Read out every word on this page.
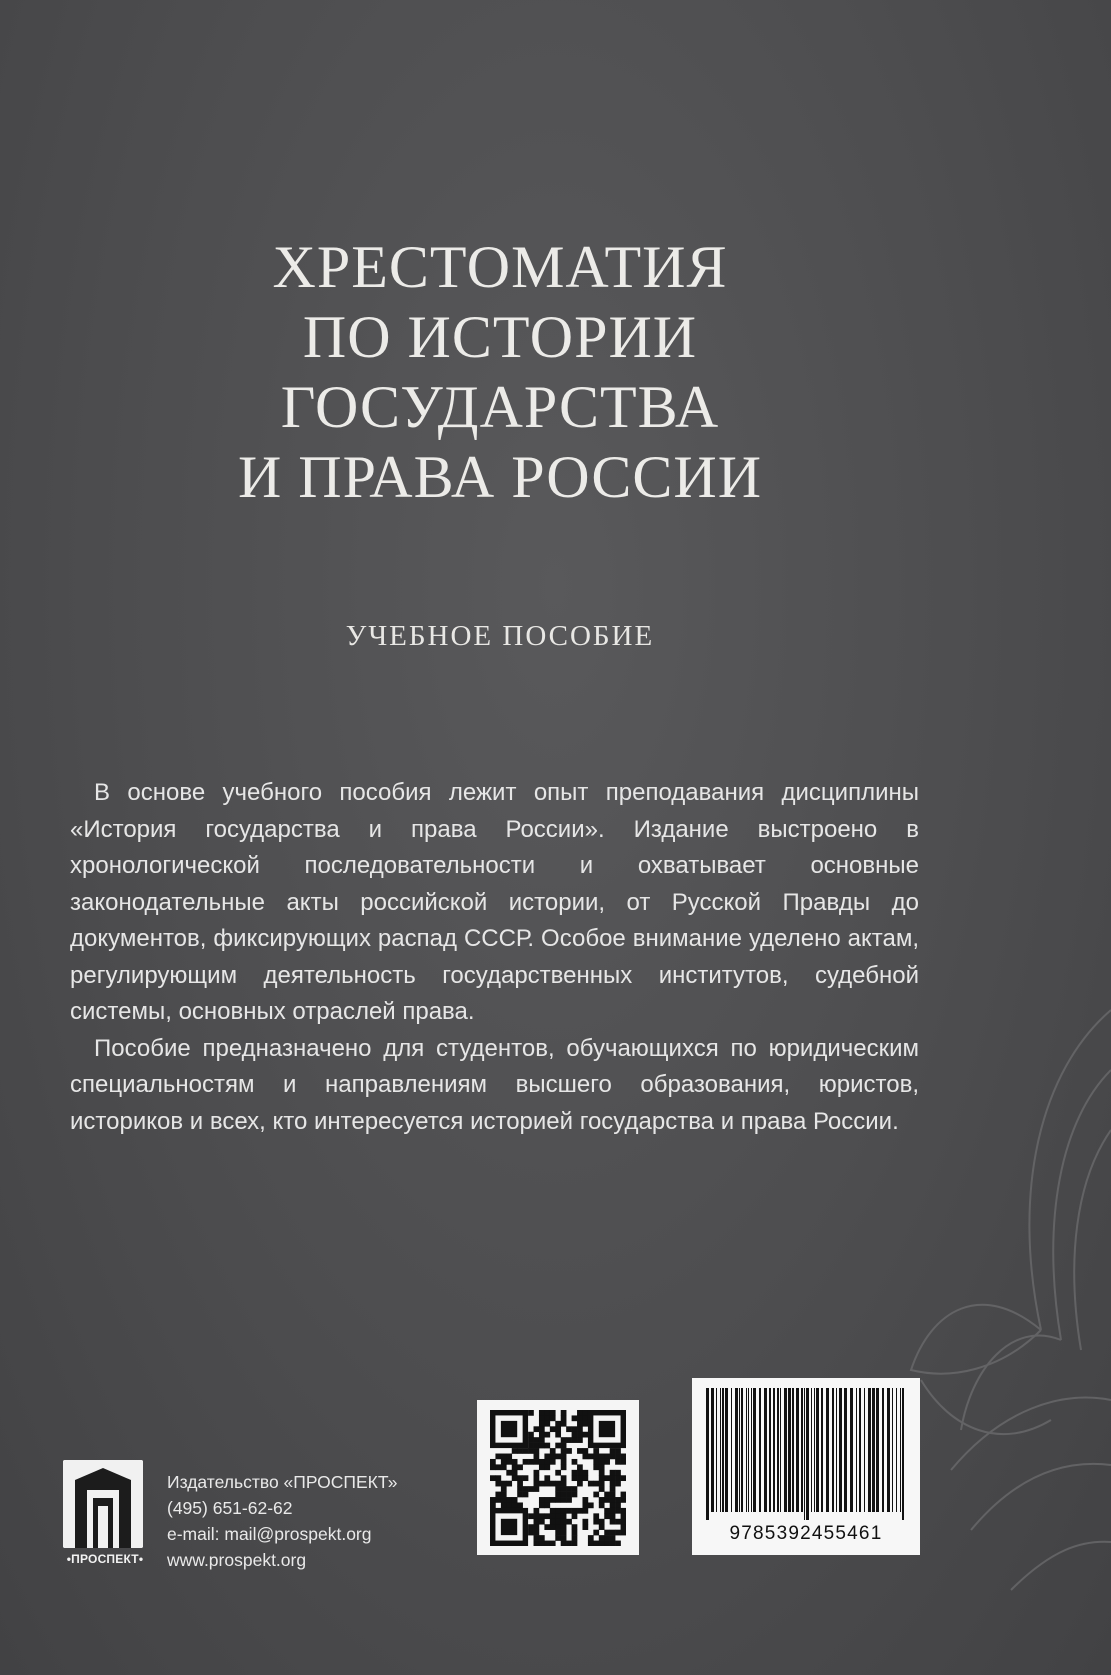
ХРЕСТОМАТИЯ
ПО ИСТОРИИ
ГОСУДАРСТВА
И ПРАВА РОССИИ
УЧЕБНОЕ ПОСОБИЕ

В основе учебного пособия лежит опыт преподавания дисциплины «История государства и права России». Издание выстроено в хронологической последовательности и охватывает основные законодательные акты российской истории, от Русской Правды до документов, фиксирующих распад СССР. Особое внимание уделено актам, регулирующим деятельность государственных институтов, судебной системы, основных отраслей права.

Пособие предназначено для студентов, обучающихся по юридическим специальностям и направлениям высшего образования, юристов, историков и всех, кто интересуется историей государства и права России.

•ПРОСПЕКТ•
Издательство «ПРОСПЕКТ»
(495) 651-62-62
e-mail: mail@prospekt.org
www.prospekt.org
9785392455461
